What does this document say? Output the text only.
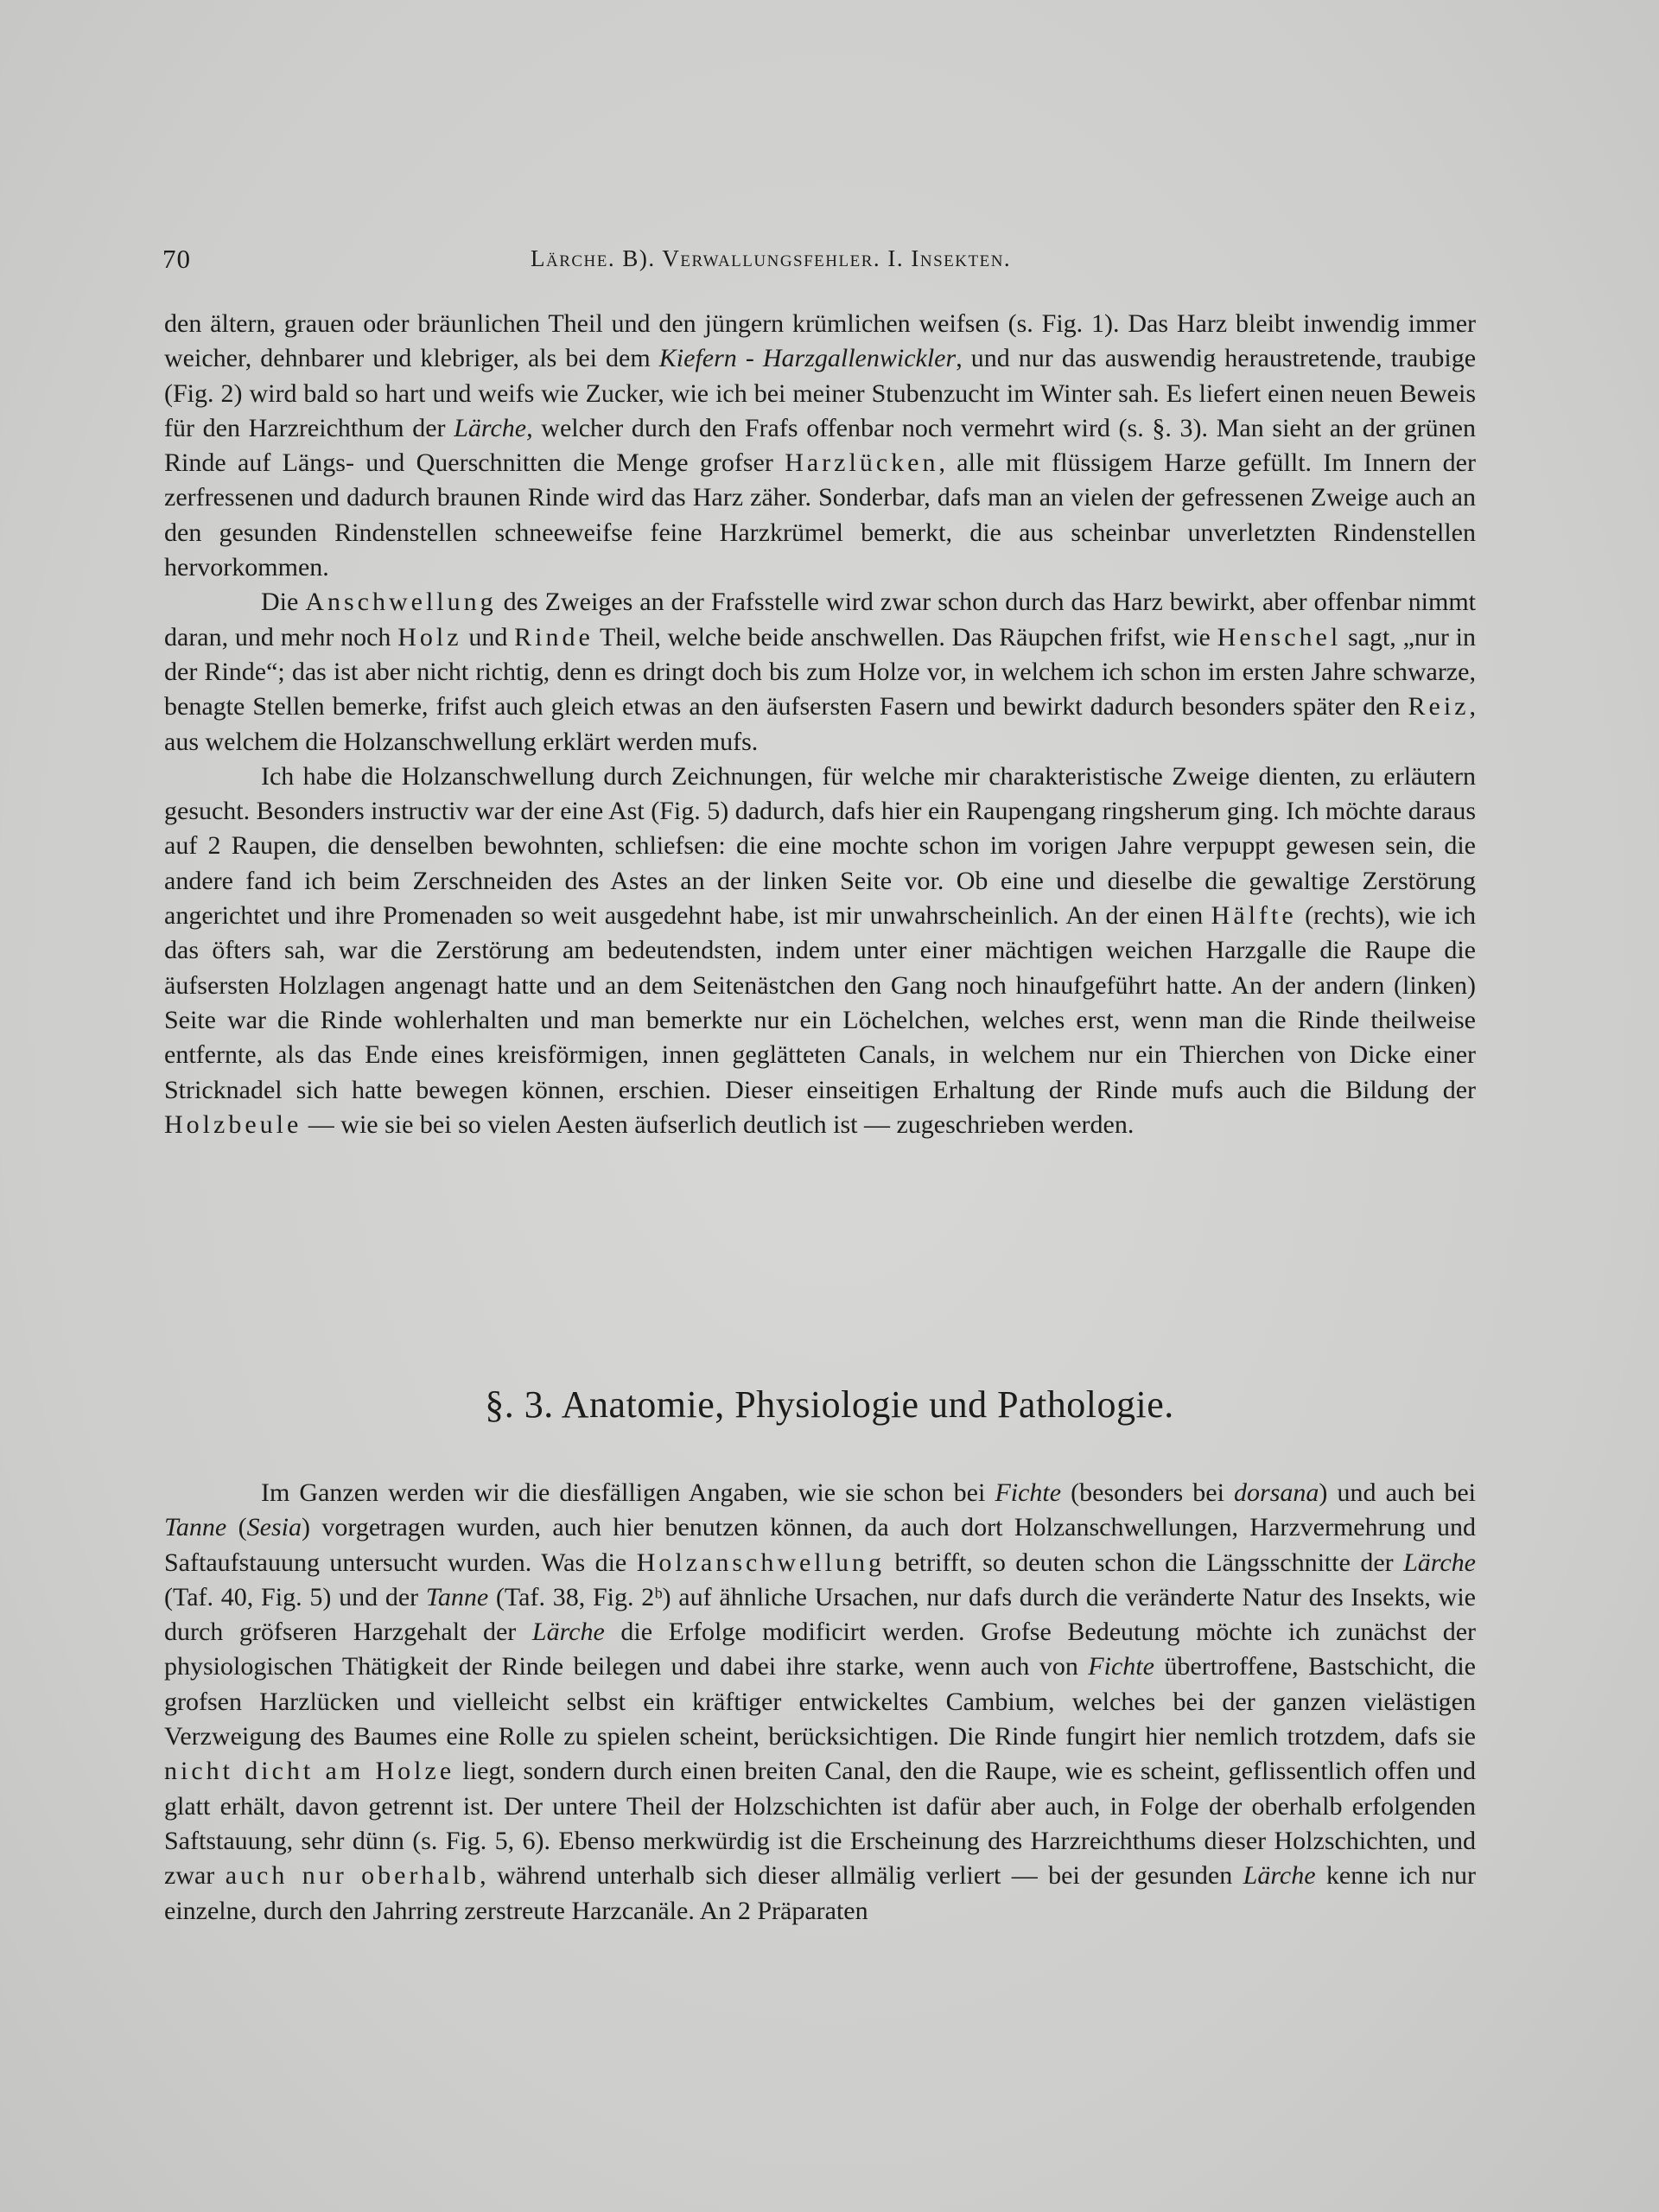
70	Lärche. B). Verwallungsfehler. I. Insekten.

den ältern, grauen oder bräunlichen Theil und den jüngern krümlichen weifsen (s. Fig. 1). Das Harz bleibt inwendig immer weicher, dehnbarer und klebriger, als bei dem Kiefern - Harzgallenwickler, und nur das auswendig heraustretende, traubige (Fig. 2) wird bald so hart und weifs wie Zucker, wie ich bei meiner Stubenzucht im Winter sah. Es liefert einen neuen Beweis für den Harzreichthum der Lärche, welcher durch den Frafs offenbar noch vermehrt wird (s. §. 3). Man sieht an der grünen Rinde auf Längs- und Querschnitten die Menge grofser Harzlücken, alle mit flüssigem Harze gefüllt. Im Innern der zerfressenen und dadurch braunen Rinde wird das Harz zäher. Sonderbar, dafs man an vielen der gefressenen Zweige auch an den gesunden Rindenstellen schneeweifse feine Harzkrümel bemerkt, die aus scheinbar unverletzten Rindenstellen hervorkommen.

Die Anschwellung des Zweiges an der Frafsstelle wird zwar schon durch das Harz bewirkt, aber offenbar nimmt daran, und mehr noch Holz und Rinde Theil, welche beide anschwellen. Das Räupchen frifst, wie Henschel sagt, „nur in der Rinde“; das ist aber nicht richtig, denn es dringt doch bis zum Holze vor, in welchem ich schon im ersten Jahre schwarze, benagte Stellen bemerke, frifst auch gleich etwas an den äufsersten Fasern und bewirkt dadurch besonders später den Reiz, aus welchem die Holzanschwellung erklärt werden mufs.

Ich habe die Holzanschwellung durch Zeichnungen, für welche mir charakteristische Zweige dienten, zu erläutern gesucht. Besonders instructiv war der eine Ast (Fig. 5) dadurch, dafs hier ein Raupengang ringsherum ging. Ich möchte daraus auf 2 Raupen, die denselben bewohnten, schliefsen: die eine mochte schon im vorigen Jahre verpuppt gewesen sein, die andere fand ich beim Zerschneiden des Astes an der linken Seite vor. Ob eine und dieselbe die gewaltige Zerstörung angerichtet und ihre Promenaden so weit ausgedehnt habe, ist mir unwahrscheinlich. An der einen Hälfte (rechts), wie ich das öfters sah, war die Zerstörung am bedeutendsten, indem unter einer mächtigen weichen Harzgalle die Raupe die äufsersten Holzlagen angenagt hatte und an dem Seitenästchen den Gang noch hinaufgeführt hatte. An der andern (linken) Seite war die Rinde wohlerhalten und man bemerkte nur ein Löchelchen, welches erst, wenn man die Rinde theilweise entfernte, als das Ende eines kreisförmigen, innen geglätteten Canals, in welchem nur ein Thierchen von Dicke einer Stricknadel sich hatte bewegen können, erschien. Dieser einseitigen Erhaltung der Rinde mufs auch die Bildung der Holzbeule — wie sie bei so vielen Aesten äufserlich deutlich ist — zugeschrieben werden.

§. 3. Anatomie, Physiologie und Pathologie.

Im Ganzen werden wir die diesfälligen Angaben, wie sie schon bei Fichte (besonders bei dorsana) und auch bei Tanne (Sesia) vorgetragen wurden, auch hier benutzen können, da auch dort Holzanschwellungen, Harzvermehrung und Saftaufstauung untersucht wurden. Was die Holzanschwellung betrifft, so deuten schon die Längsschnitte der Lärche (Taf. 40, Fig. 5) und der Tanne (Taf. 38, Fig. 2ᵇ) auf ähnliche Ursachen, nur dafs durch die veränderte Natur des Insekts, wie durch gröfseren Harzgehalt der Lärche die Erfolge modificirt werden. Grofse Bedeutung möchte ich zunächst der physiologischen Thätigkeit der Rinde beilegen und dabei ihre starke, wenn auch von Fichte übertroffene, Bastschicht, die grofsen Harzlücken und vielleicht selbst ein kräftiger entwickeltes Cambium, welches bei der ganzen vielästigen Verzweigung des Baumes eine Rolle zu spielen scheint, berücksichtigen. Die Rinde fungirt hier nemlich trotzdem, dafs sie nicht dicht am Holze liegt, sondern durch einen breiten Canal, den die Raupe, wie es scheint, geflissentlich offen und glatt erhält, davon getrennt ist. Der untere Theil der Holzschichten ist dafür aber auch, in Folge der oberhalb erfolgenden Saftstauung, sehr dünn (s. Fig. 5, 6). Ebenso merkwürdig ist die Erscheinung des Harzreichthums dieser Holzschichten, und zwar auch nur oberhalb, während unterhalb sich dieser allmälig verliert — bei der gesunden Lärche kenne ich nur einzelne, durch den Jahrring zerstreute Harzcanäle. An 2 Präparaten
